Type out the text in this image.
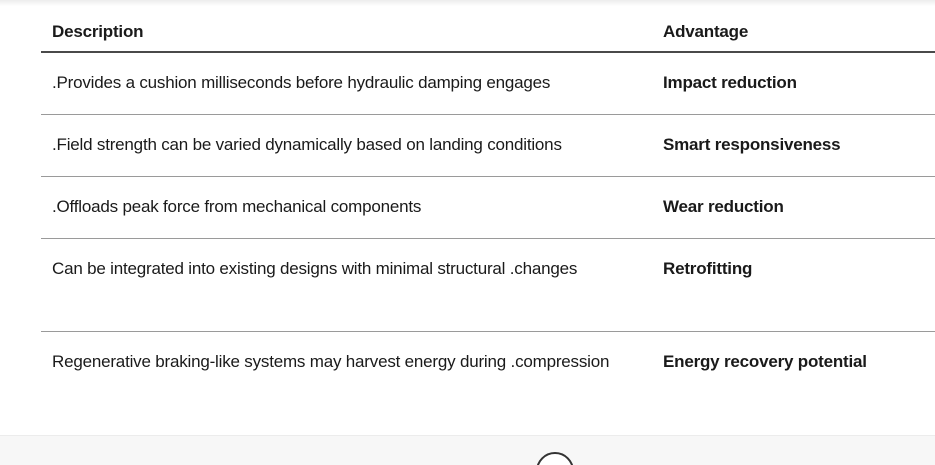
Description	Advantage
.Provides a cushion milliseconds before hydraulic damping engages	Impact reduction
.Field strength can be varied dynamically based on landing conditions	Smart responsiveness
.Offloads peak force from mechanical components	Wear reduction
Can be integrated into existing designs with minimal structural .changes	Retrofitting
Regenerative braking-like systems may harvest energy during .compression	Energy recovery potential
